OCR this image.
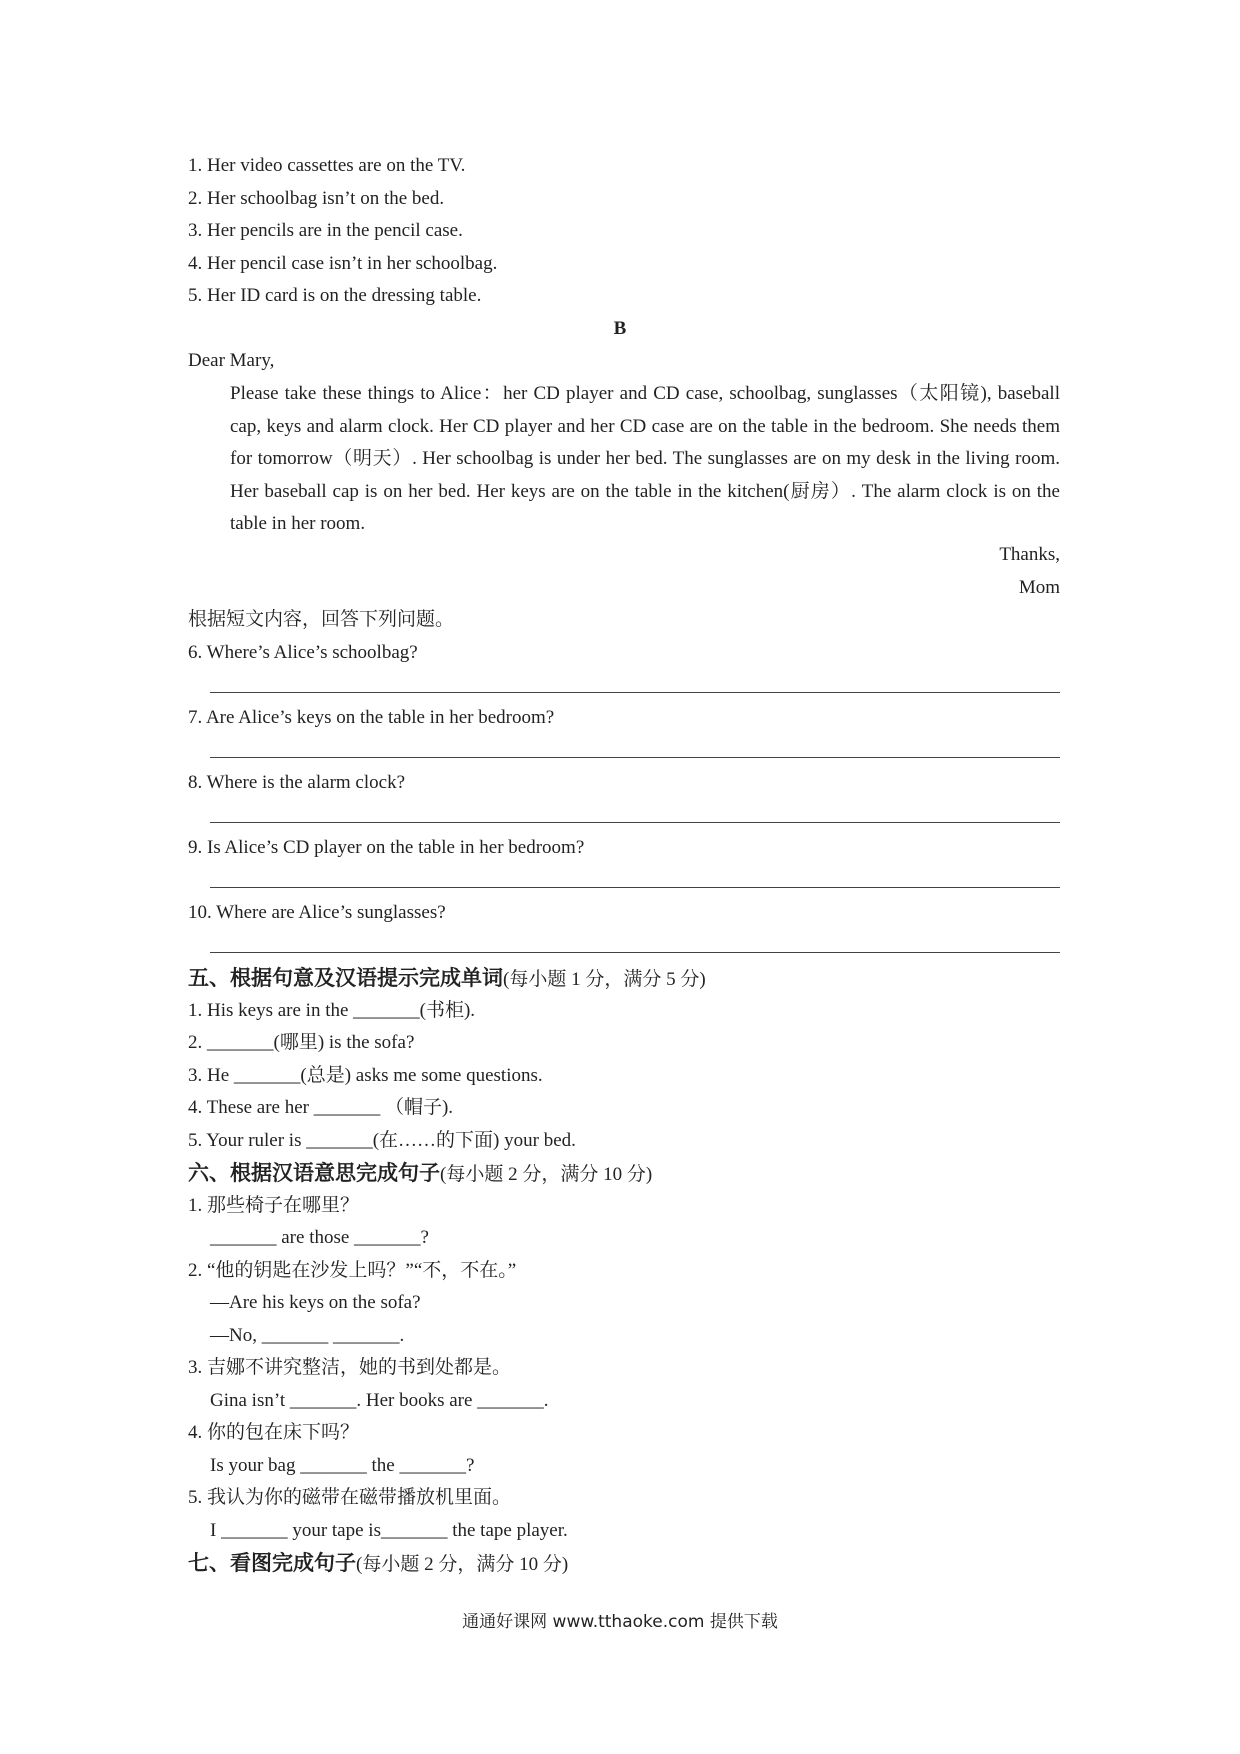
1. Her video cassettes are on the TV.
2. Her schoolbag isn’t on the bed.
3. Her pencils are in the pencil case.
4. Her pencil case isn’t in her schoolbag.
5. Her ID card is on the dressing table.
B
Dear Mary,
Please take these things to Alice：her CD player and CD case, schoolbag, sunglasses（太阳镜), baseball cap, keys and alarm clock. Her CD player and her CD case are on the table in the bedroom. She needs them for tomorrow（明天）. Her schoolbag is under her bed. The sunglasses are on my desk in the living room. Her baseball cap is on her bed. Her keys are on the table in the kitchen(厨房）. The alarm clock is on the table in her room.
Thanks,
Mom
根据短文内容，回答下列问题。
6. Where’s Alice’s schoolbag?
7. Are Alice’s keys on the table in her bedroom?
8. Where is the alarm clock?
9. Is Alice’s CD player on the table in her bedroom?
10. Where are Alice’s sunglasses?
五、根据句意及汉语提示完成单词(每小题 1 分，满分 5 分)
1. His keys are in the _______(书柜).
2. _______(哪里) is the sofa?
3. He _______(总是) asks me some questions.
4. These are her _______ （帽子).
5. Your ruler is _______(在……的下面) your bed.
六、根据汉语意思完成句子(每小题 2 分，满分 10 分)
1. 那些椅子在哪里？
_______ are those _______?
2. “他的钥匙在沙发上吗？”“不，不在。”
—Are his keys on the sofa?
—No, _______ _______.
3. 吉娜不讲究整洁，她的书到处都是。
Gina isn’t _______. Her books are _______.
4. 你的包在床下吗？
Is your bag _______ the _______?
5. 我认为你的磁带在磁带播放机里面。
I _______ your tape is_______ the tape player.
七、看图完成句子(每小题 2 分，满分 10 分)
通通好课网 www.tthaoke.com 提供下载
